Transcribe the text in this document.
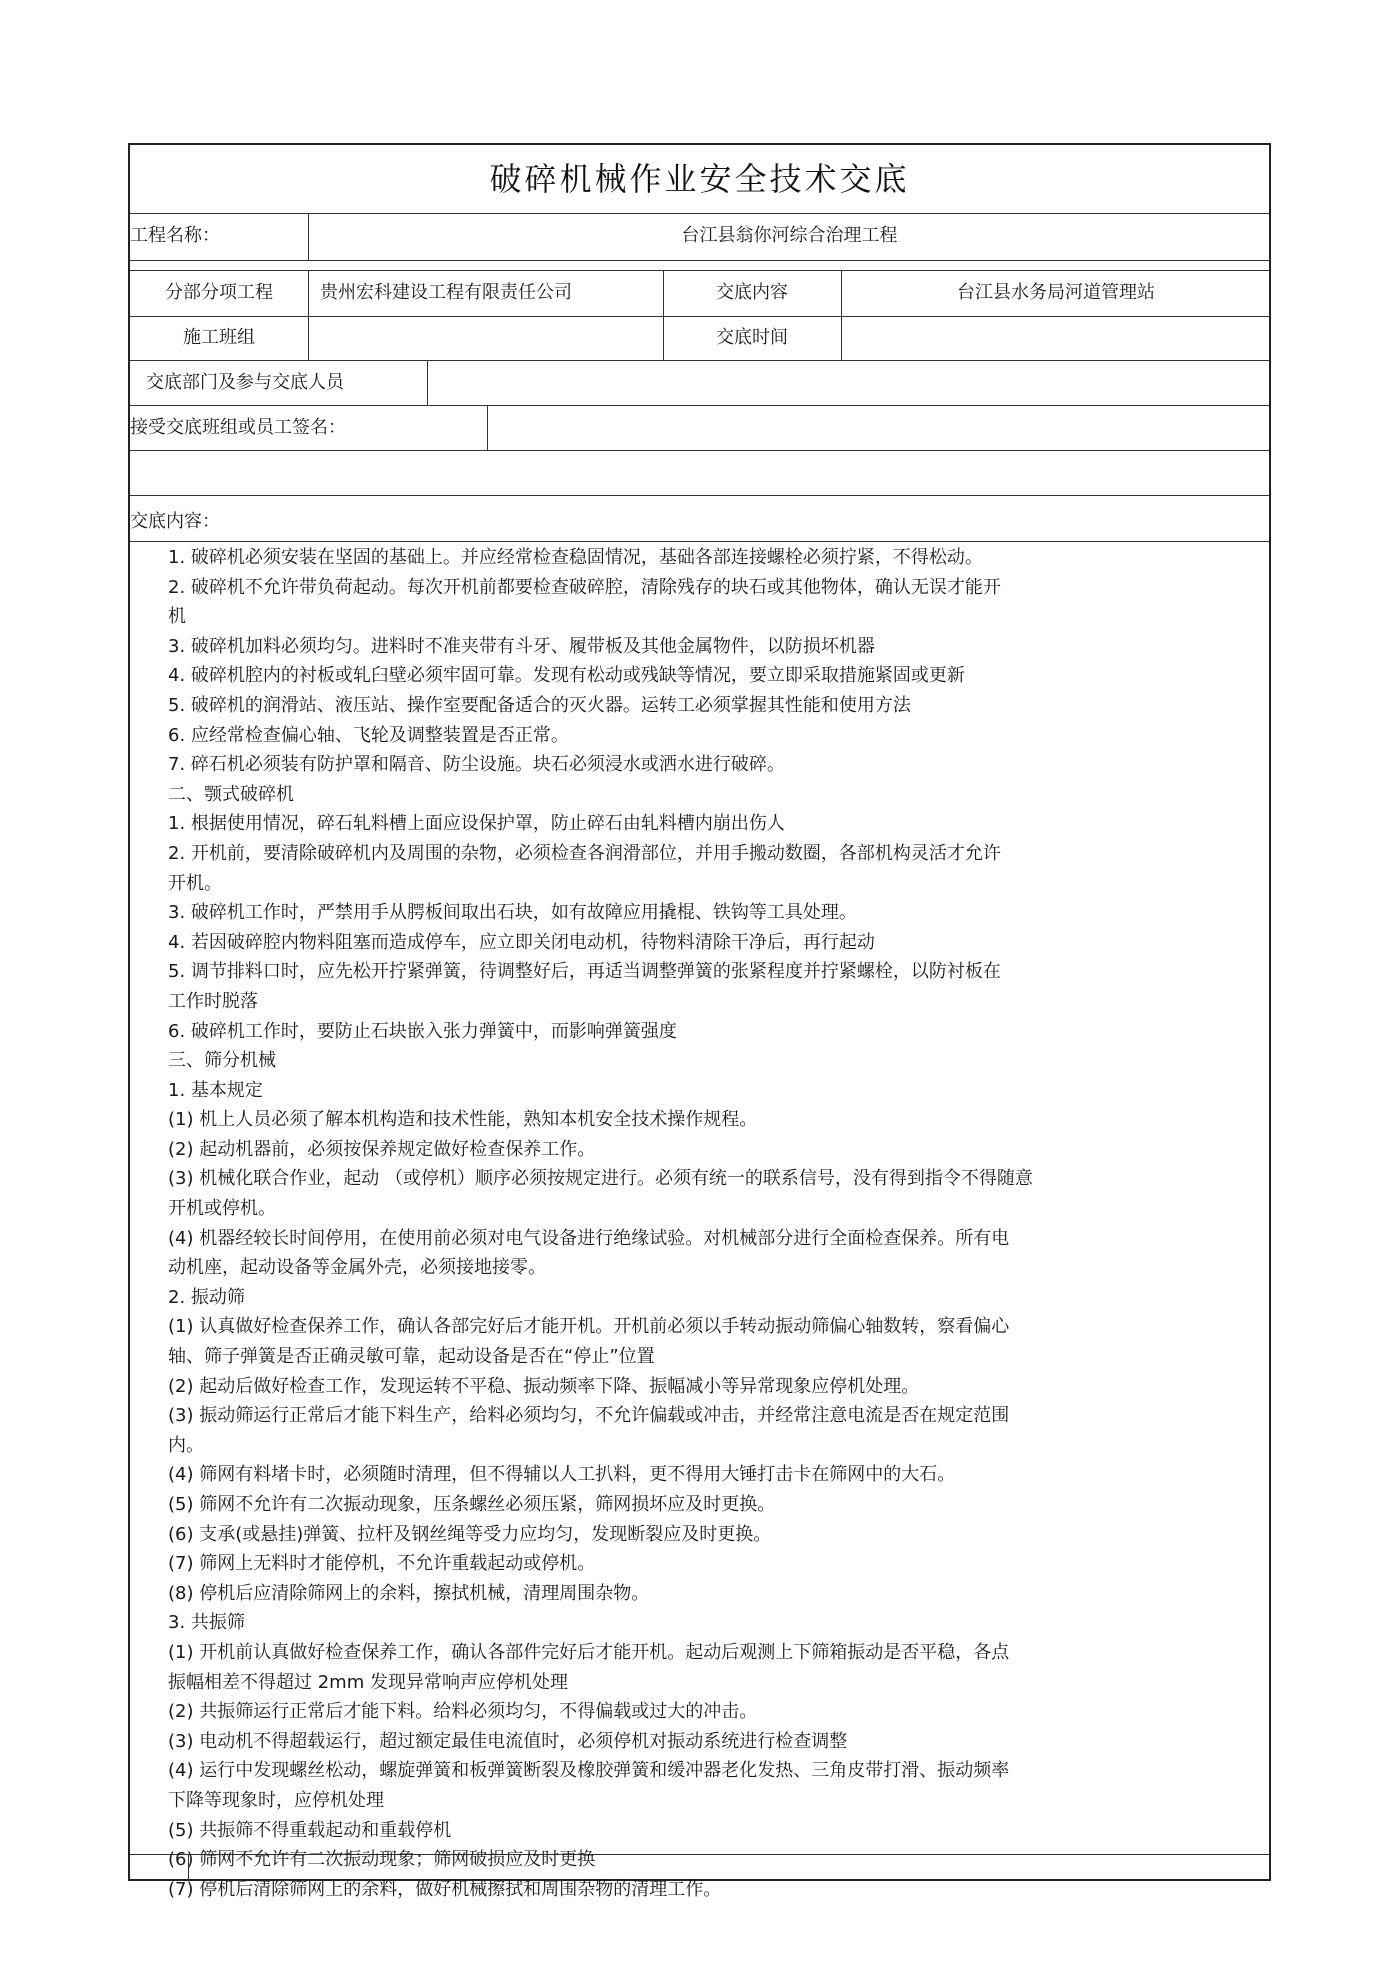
破碎机械作业安全技术交底
工程名称：	台江县翁你河综合治理工程
分部分项工程	贵州宏科建设工程有限责任公司	交底内容	台江县水务局河道管理站
施工班组	交底时间
交底部门及参与交底人员
接受交底班组或员工签名：
交底内容：
1. 破碎机必须安装在坚固的基础上。并应经常检查稳固情况，基础各部连接螺栓必须拧紧，不得松动。
2. 破碎机不允许带负荷起动。每次开机前都要检查破碎腔，清除残存的块石或其他物体，确认无误才能开
机
3. 破碎机加料必须均匀。进料时不准夹带有斗牙、履带板及其他金属物件，以防损坏机器
4. 破碎机腔内的衬板或轧臼壁必须牢固可靠。发现有松动或残缺等情况，要立即采取措施紧固或更新
5. 破碎机的润滑站、液压站、操作室要配备适合的灭火器。运转工必须掌握其性能和使用方法
6. 应经常检查偏心轴、飞轮及调整装置是否正常。
7. 碎石机必须装有防护罩和隔音、防尘设施。块石必须浸水或洒水进行破碎。
二、颚式破碎机
1. 根据使用情况，碎石轧料槽上面应设保护罩，防止碎石由轧料槽内崩出伤人
2. 开机前，要清除破碎机内及周围的杂物，必须检查各润滑部位，并用手搬动数圈，各部机构灵活才允许
开机。
3. 破碎机工作时，严禁用手从腭板间取出石块，如有故障应用撬棍、铁钩等工具处理。
4. 若因破碎腔内物料阻塞而造成停车，应立即关闭电动机，待物料清除干净后，再行起动
5. 调节排料口时，应先松开拧紧弹簧，待调整好后，再适当调整弹簧的张紧程度并拧紧螺栓，以防衬板在
工作时脱落
6. 破碎机工作时，要防止石块嵌入张力弹簧中，而影响弹簧强度
三、筛分机械
1. 基本规定
(1) 机上人员必须了解本机构造和技术性能，熟知本机安全技术操作规程。
(2) 起动机器前，必须按保养规定做好检查保养工作。
(3) 机械化联合作业，起动 （或停机）顺序必须按规定进行。必须有统一的联系信号，没有得到指令不得随意
开机或停机。
(4) 机器经较长时间停用，在使用前必须对电气设备进行绝缘试验。对机械部分进行全面检查保养。所有电
动机座，起动设备等金属外壳，必须接地接零。
2. 振动筛
(1) 认真做好检查保养工作，确认各部完好后才能开机。开机前必须以手转动振动筛偏心轴数转，察看偏心
轴、筛子弹簧是否正确灵敏可靠，起动设备是否在“停止”位置
(2) 起动后做好检查工作，发现运转不平稳、振动频率下降、振幅减小等异常现象应停机处理。
(3) 振动筛运行正常后才能下料生产，给料必须均匀，不允许偏载或冲击，并经常注意电流是否在规定范围
内。
(4) 筛网有料堵卡时，必须随时清理，但不得辅以人工扒料，更不得用大锤打击卡在筛网中的大石。
(5) 筛网不允许有二次振动现象，压条螺丝必须压紧，筛网损坏应及时更换。
(6) 支承(或悬挂)弹簧、拉杆及钢丝绳等受力应均匀，发现断裂应及时更换。
(7) 筛网上无料时才能停机，不允许重载起动或停机。
(8) 停机后应清除筛网上的余料，擦拭机械，清理周围杂物。
3. 共振筛
(1) 开机前认真做好检查保养工作，确认各部件完好后才能开机。起动后观测上下筛箱振动是否平稳，各点
振幅相差不得超过 2mm 发现异常响声应停机处理
(2) 共振筛运行正常后才能下料。给料必须均匀，不得偏载或过大的冲击。
(3) 电动机不得超载运行，超过额定最佳电流值时，必须停机对振动系统进行检查调整
(4) 运行中发现螺丝松动，螺旋弹簧和板弹簧断裂及橡胶弹簧和缓冲器老化发热、三角皮带打滑、振动频率
下降等现象时，应停机处理
(5) 共振筛不得重载起动和重载停机
(6) 筛网不允许有二次振动现象；筛网破损应及时更换
(7) 停机后清除筛网上的余料，做好机械擦拭和周围杂物的清理工作。
